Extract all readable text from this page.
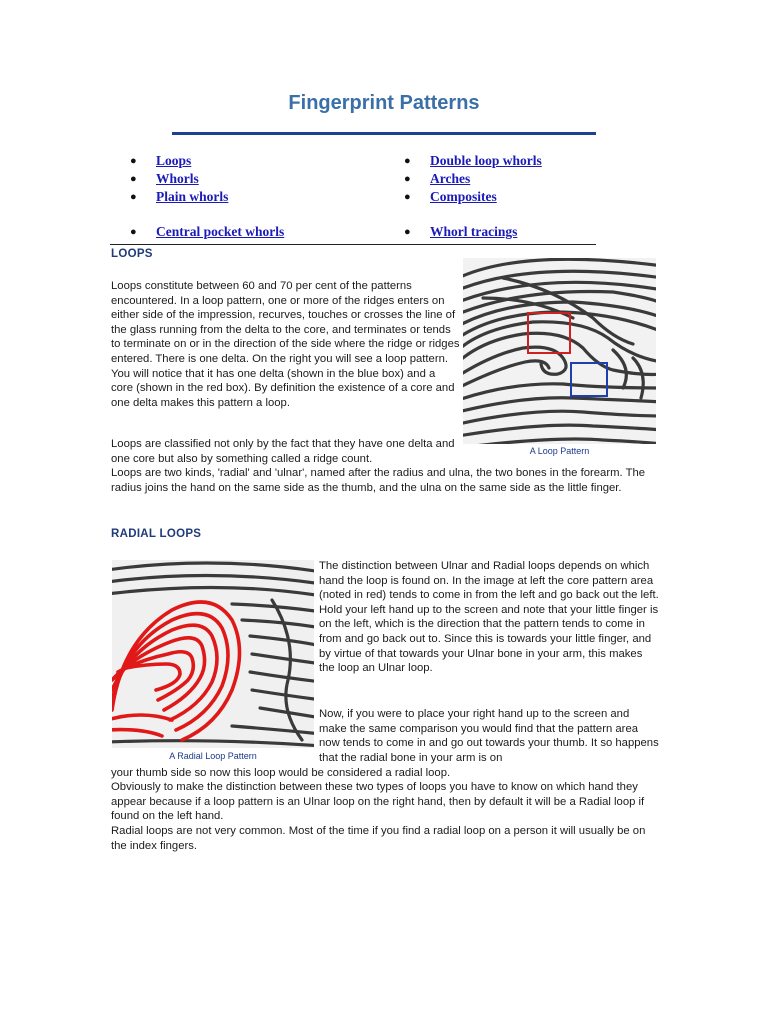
Fingerprint Patterns
● Loops
● Whorls
● Plain whorls
● Central pocket whorls
● Double loop whorls
● Arches
● Composites
● Whorl tracings
LOOPS
Loops constitute between 60 and 70 per cent of the patterns encountered. In a loop pattern, one or more of the ridges enters on either side of the impression, recurves, touches or crosses the line of the glass running from the delta to the core, and terminates or tends to terminate on or in the direction of the side where the ridge or ridges entered. There is one delta. On the right you will see a loop pattern. You will notice that it has one delta (shown in the blue box) and a core (shown in the red box). By definition the existence of a core and one delta makes this pattern a loop.
Loops are classified not only by the fact that they have one delta and one core but also by something called a ridge count.
Loops are two kinds, 'radial' and 'ulnar', named after the radius and ulna, the two bones in the forearm. The radius joins the hand on the same side as the thumb, and the ulna on the same side as the little finger.
A Loop Pattern
RADIAL LOOPS
A Radial Loop Pattern
The distinction between Ulnar and Radial loops depends on which hand the loop is found on. In the image at left the core pattern area (noted in red) tends to come in from the left and go back out the left. Hold your left hand up to the screen and note that your little finger is on the left, which is the direction that the pattern tends to come in from and go back out to. Since this is towards your little finger, and by virtue of that towards your Ulnar bone in your arm, this makes the loop an Ulnar loop.
Now, if you were to place your right hand up to the screen and make the same comparison you would find that the pattern area now tends to come in and go out towards your thumb. It so happens that the radial bone in your arm is on
your thumb side so now this loop would be considered a radial loop.
Obviously to make the distinction between these two types of loops you have to know on which hand they appear because if a loop pattern is an Ulnar loop on the right hand, then by default it will be a Radial loop if found on the left hand.
Radial loops are not very common. Most of the time if you find a radial loop on a person it will usually be on the index fingers.
